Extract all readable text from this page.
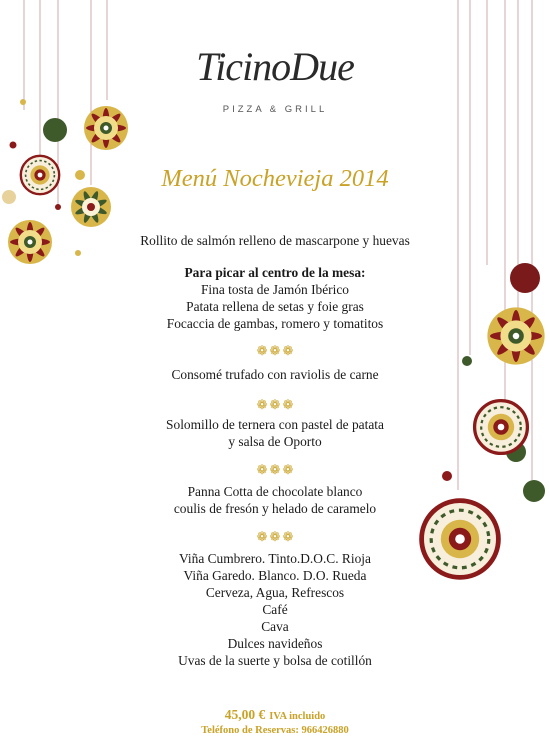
TicinoDue
PIZZA & GRILL
Menú Nochevieja 2014
Rollito de salmón relleno de mascarpone y huevas
Para picar al centro de la mesa:
Fina tosta de Jamón Ibérico
Patata rellena de setas y foie gras
Focaccia de gambas, romero y tomatitos
❁ ❁ ❁
Consomé trufado con raviolis de carne
❁ ❁ ❁
Solomillo de ternera con pastel de patata
y salsa de Oporto
❁ ❁ ❁
Panna Cotta de chocolate blanco
coulis de fresón y helado de caramelo
❁ ❁ ❁
Viña Cumbrero. Tinto.D.O.C. Rioja
Viña Garedo. Blanco. D.O. Rueda
Cerveza, Agua, Refrescos
Café
Cava
Dulces navideños
Uvas de la suerte y bolsa de cotillón
45,00 € IVA incluido
Teléfono de Reservas: 966426880
